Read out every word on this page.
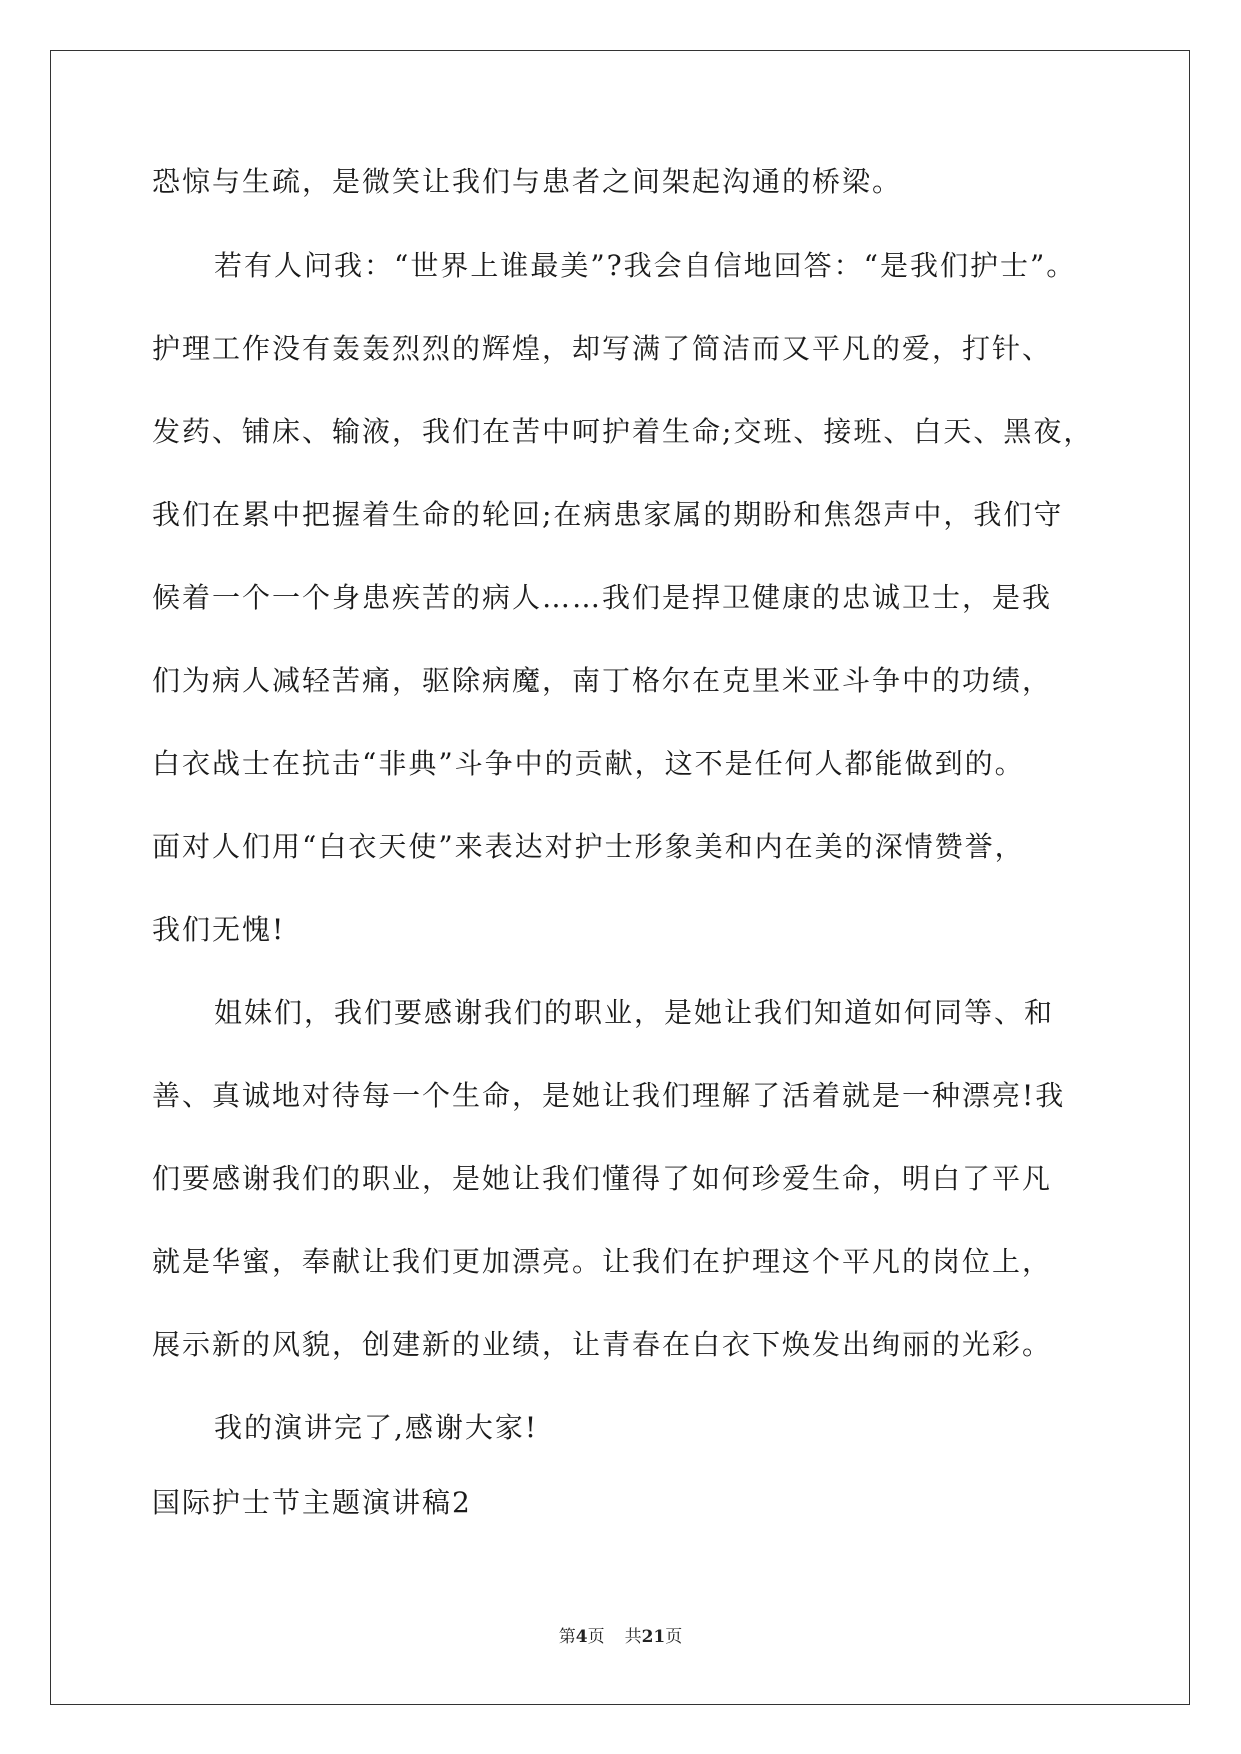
恐惊与生疏，是微笑让我们与患者之间架起沟通的桥梁。
若有人问我：“世界上谁最美”?我会自信地回答：“是我们护士”。
护理工作没有轰轰烈烈的辉煌，却写满了简洁而又平凡的爱，打针、
发药、铺床、输液，我们在苦中呵护着生命;交班、接班、白天、黑夜，
我们在累中把握着生命的轮回;在病患家属的期盼和焦怨声中，我们守
候着一个一个身患疾苦的病人……我们是捍卫健康的忠诚卫士，是我
们为病人减轻苦痛，驱除病魔，南丁格尔在克里米亚斗争中的功绩，
白衣战士在抗击“非典”斗争中的贡献，这不是任何人都能做到的。
面对人们用“白衣天使”来表达对护士形象美和内在美的深情赞誉，
我们无愧!
姐妹们，我们要感谢我们的职业，是她让我们知道如何同等、和
善、真诚地对待每一个生命，是她让我们理解了活着就是一种漂亮!我
们要感谢我们的职业，是她让我们懂得了如何珍爱生命，明白了平凡
就是华蜜，奉献让我们更加漂亮。让我们在护理这个平凡的岗位上，
展示新的风貌，创建新的业绩，让青春在白衣下焕发出绚丽的光彩。
我的演讲完了,感谢大家!
国际护士节主题演讲稿2
第4页 共21页
